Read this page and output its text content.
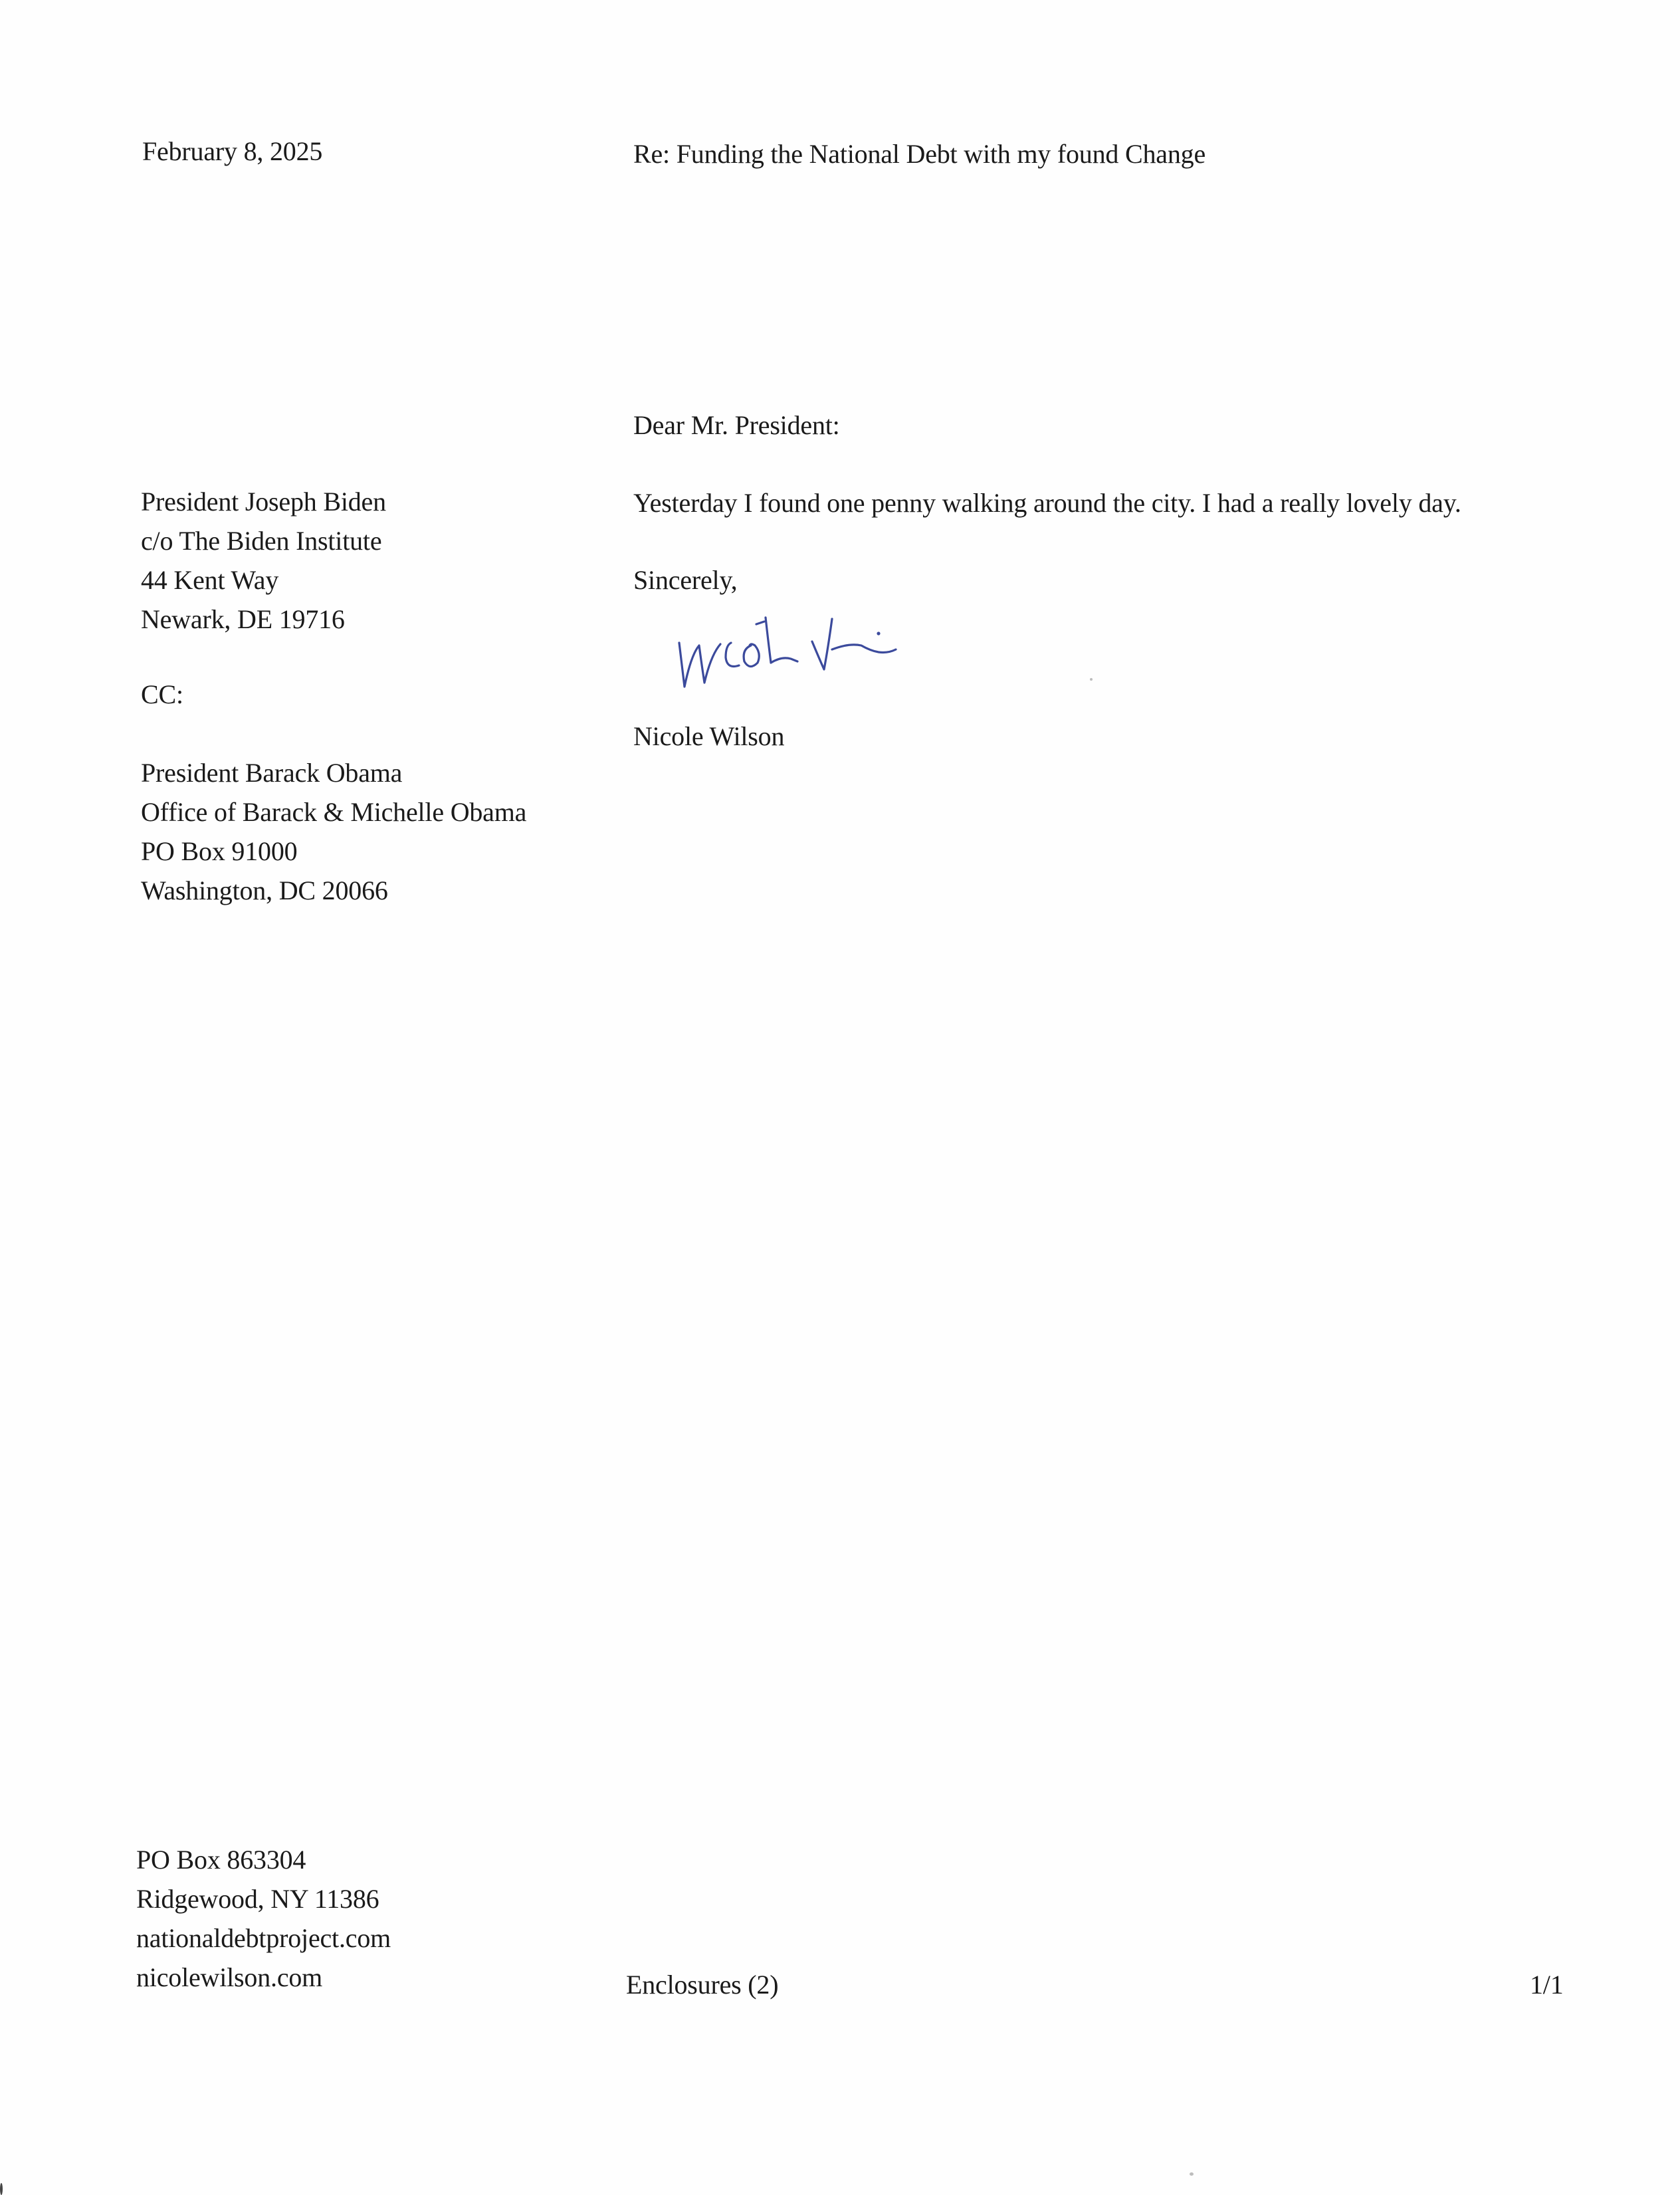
February 8, 2025	Re: Funding the National Debt with my found Change
President Joseph Biden
c/o The Biden Institute
44 Kent Way
Newark, DE 19716
CC:
President Barack Obama
Office of Barack & Michelle Obama
PO Box 91000
Washington, DC 20066
Dear Mr. President:
Yesterday I found one penny walking around the city. I had a really lovely day.
Sincerely,
Nicole Wilson
PO Box 863304
Ridgewood, NY 11386
nationaldebtproject.com
nicolewilson.com	Enclosures (2)	1/1
